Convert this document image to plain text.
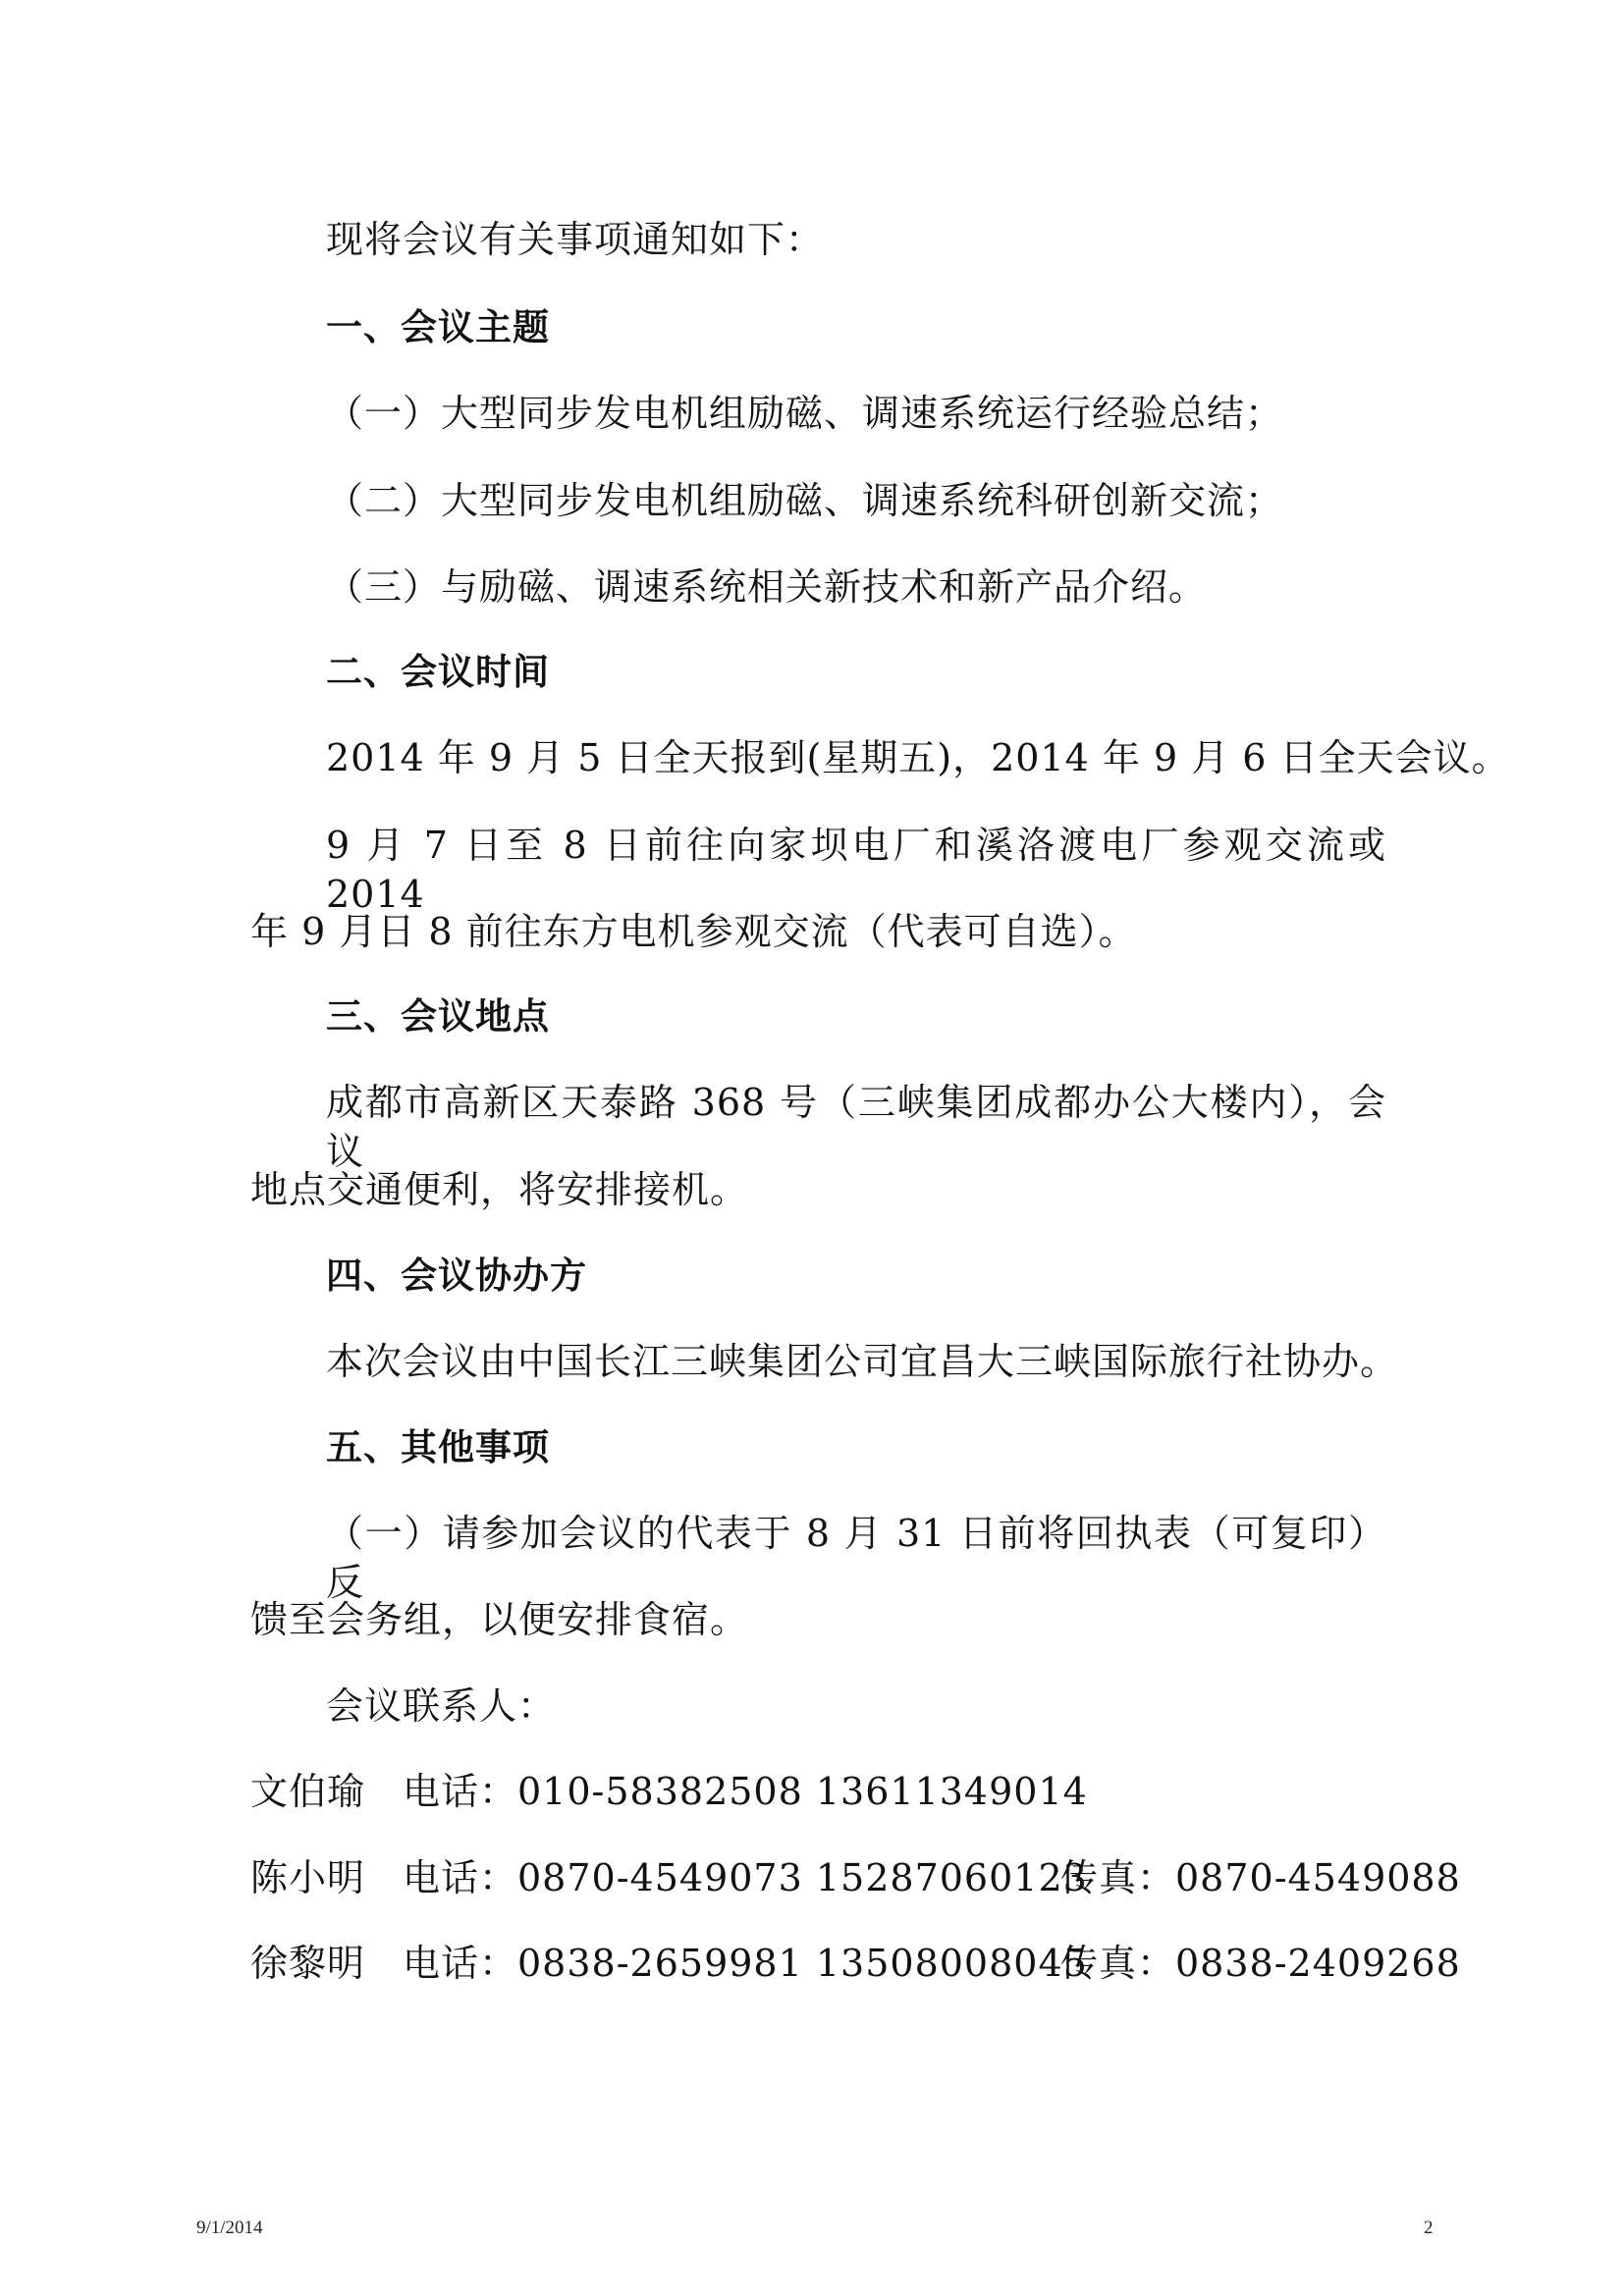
现将会议有关事项通知如下：
一、会议主题
（一）大型同步发电机组励磁、调速系统运行经验总结；
（二）大型同步发电机组励磁、调速系统科研创新交流；
（三）与励磁、调速系统相关新技术和新产品介绍。
二、会议时间
2014 年 9 月 5 日全天报到(星期五)，2014 年 9 月 6 日全天会议。
9 月 7 日至 8 日前往向家坝电厂和溪洛渡电厂参观交流或 2014
年 9 月日 8 前往东方电机参观交流（代表可自选）。
三、会议地点
成都市高新区天泰路 368 号（三峡集团成都办公大楼内），会议
地点交通便利，将安排接机。
四、会议协办方
本次会议由中国长江三峡集团公司宜昌大三峡国际旅行社协办。
五、其他事项
（一）请参加会议的代表于 8 月 31 日前将回执表（可复印）反
馈至会务组，以便安排食宿。
会议联系人：
文伯瑜 电话：010-58382508 13611349014
陈小明 电话：0870-4549073 15287060123
传真：0870-4549088
徐黎明 电话：0838-2659981 13508008045
传真：0838-2409268
9/1/2014	2
